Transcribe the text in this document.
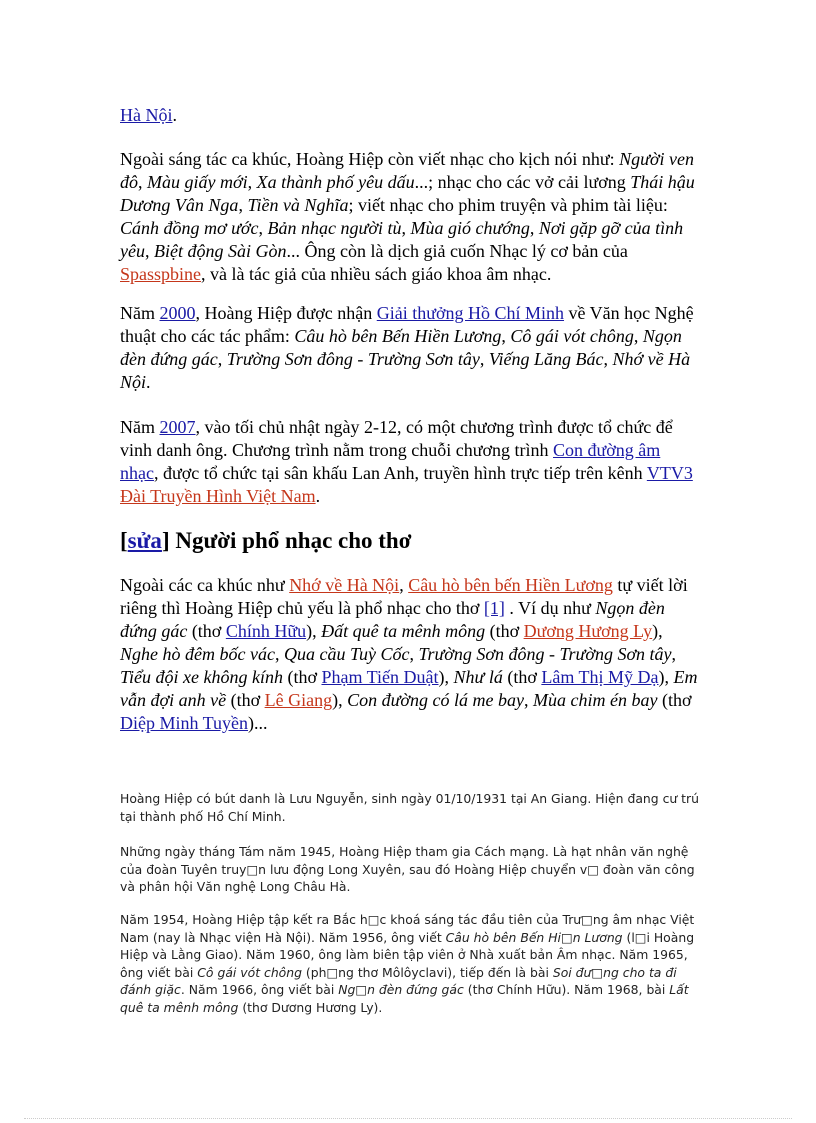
Hà Nội.

Ngoài sáng tác ca khúc, Hoàng Hiệp còn viết nhạc cho kịch nói như: Người ven đô, Màu giấy mới, Xa thành phố yêu dấu...; nhạc cho các vở cải lương Thái hậu Dương Vân Nga, Tiền và Nghĩa; viết nhạc cho phim truyện và phim tài liệu: Cánh đồng mơ ước, Bản nhạc người tù, Mùa gió chướng, Nơi gặp gỡ của tình yêu, Biệt động Sài Gòn... Ông còn là dịch giả cuốn Nhạc lý cơ bản của Spasspbine, và là tác giả của nhiều sách giáo khoa âm nhạc.

Năm 2000, Hoàng Hiệp được nhận Giải thưởng Hồ Chí Minh về Văn học Nghệ thuật cho các tác phẩm: Câu hò bên Bến Hiền Lương, Cô gái vót chông, Ngọn đèn đứng gác, Trường Sơn đông - Trường Sơn tây, Viếng Lăng Bác, Nhớ về Hà Nội.

Năm 2007, vào tối chủ nhật ngày 2-12, có một chương trình được tổ chức để vinh danh ông. Chương trình nằm trong chuỗi chương trình Con đường âm nhạc, được tổ chức tại sân khấu Lan Anh, truyền hình trực tiếp trên kênh VTV3 Đài Truyền Hình Việt Nam.

[sửa] Người phổ nhạc cho thơ

Ngoài các ca khúc như Nhớ về Hà Nội, Câu hò bên bến Hiền Lương tự viết lời riêng thì Hoàng Hiệp chủ yếu là phổ nhạc cho thơ [1] . Ví dụ như Ngọn đèn đứng gác (thơ Chính Hữu), Đất quê ta mênh mông (thơ Dương Hương Ly), Nghe hò đêm bốc vác, Qua cầu Tuỳ Cốc, Trường Sơn đông - Trường Sơn tây, Tiểu đội xe không kính (thơ Phạm Tiến Duật), Như lá (thơ Lâm Thị Mỹ Dạ), Em vẫn đợi anh về (thơ Lê Giang), Con đường có lá me bay, Mùa chim én bay (thơ Diệp Minh Tuyền)...

Hoàng Hiệp có bút danh là Lưu Nguyễn, sinh ngày 01/10/1931 tại An Giang. Hiện đang cư trú tại thành phố Hồ Chí Minh.

Những ngày tháng Tám năm 1945, Hoàng Hiệp tham gia Cách mạng. Là hạt nhân văn nghệ của đoàn Tuyên truy□n lưu động Long Xuyên, sau đó Hoàng Hiệp chuyển v□ đoàn văn công và phân hội Văn nghệ Long Châu Hà.

Năm 1954, Hoàng Hiệp tập kết ra Bắc h□c khoá sáng tác đầu tiên của Trư□ng âm nhạc Việt Nam (nay là Nhạc viện Hà Nội). Năm 1956, ông viết Câu hò bên Bến Hi□n Lương (l□i Hoàng Hiệp và Lằng Giao). Năm 1960, ông làm biên tập viên ở Nhà xuất bản Âm nhạc. Năm 1965, ông viết bài Cô gái vót chông (ph□ng thơ Môlôyclavi), tiếp đến là bài Soi đư□ng cho ta đi đánh giặc. Năm 1966, ông viết bài Ng□n đèn đứng gác (thơ Chính Hữu). Năm 1968, bài Lất quê ta mênh mông (thơ Dương Hương Ly).
